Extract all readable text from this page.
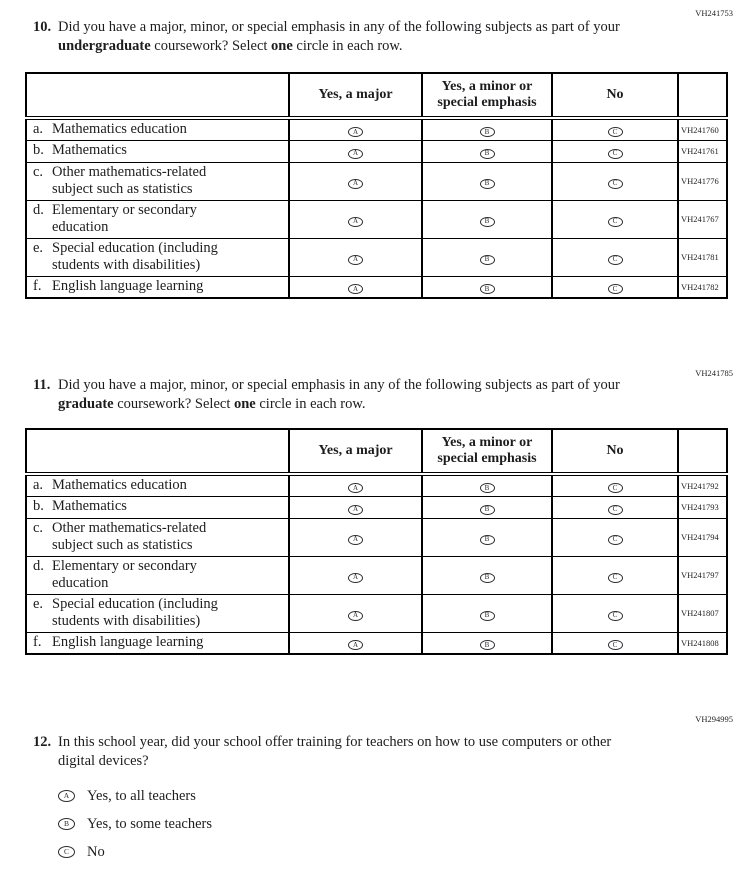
VH241753
VH241785
VH294995
10. Did you have a major, minor, or special emphasis in any of the following subjects as part of your undergraduate coursework? Select one circle in each row.
	Yes, a major	Yes, a minor or special emphasis	No	

a. Mathematics education	A	B	C	VH241760

b. Mathematics	A	B	C	VH241761

c. Other mathematics-related subject such as statistics	A	B	C	VH241776

d. Elementary or secondary education	A	B	C	VH241767

e. Special education (including students with disabilities)	A	B	C	VH241781

f. English language learning	A	B	C	VH241782
11. Did you have a major, minor, or special emphasis in any of the following subjects as part of your graduate coursework? Select one circle in each row.
	Yes, a major	Yes, a minor or special emphasis	No	

a. Mathematics education	A	B	C	VH241792

b. Mathematics	A	B	C	VH241793

c. Other mathematics-related subject such as statistics	A	B	C	VH241794

d. Elementary or secondary education	A	B	C	VH241797

e. Special education (including students with disabilities)	A	B	C	VH241807

f. English language learning	A	B	C	VH241808
12. In this school year, did your school offer training for teachers on how to use computers or other digital devices?
A	Yes, to all teachers
B	Yes, to some teachers
C	No
